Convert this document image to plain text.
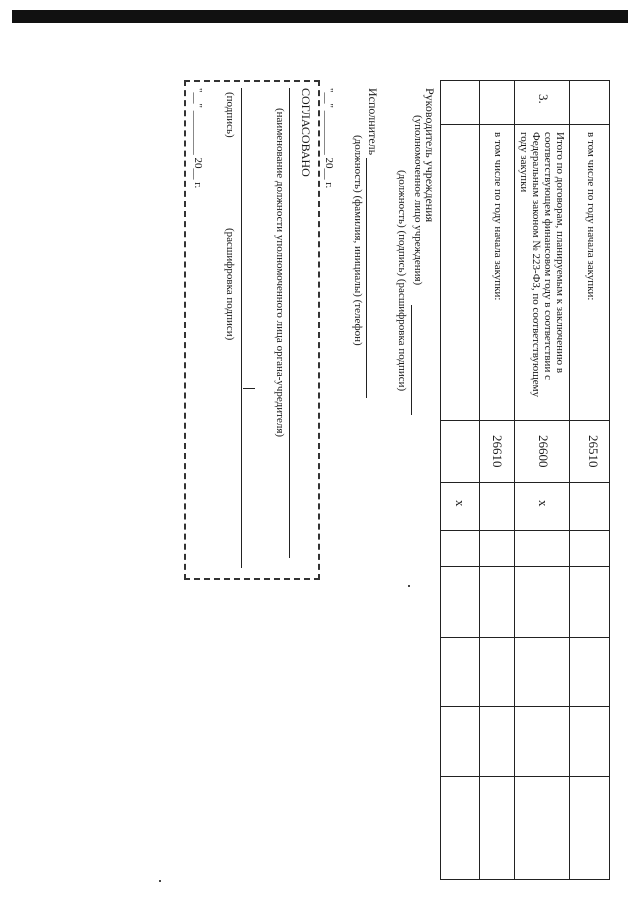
в том числе по году начала закупки:
26510
3.
Итого по договорам, планируемым к заключению в соответствующем финансовом году в соответствии с Федеральным законом № 223-ФЗ, по соответствующему году закупки
26600
х
в том числе по году начала закупки:
26610
х
Руководитель учреждения
(уполномоченное лицо учреждения)
(должность) (подпись) (расшифровка подписи)
Исполнитель
(должность) (фамилия, инициалы) (телефон)
"__" ________ 20__ г.
СОГЛАСОВАНО
(наименование должности уполномоченного лица органа-учредителя)
(подпись)
(расшифровка подписи)
"__" ________ 20__ г.
